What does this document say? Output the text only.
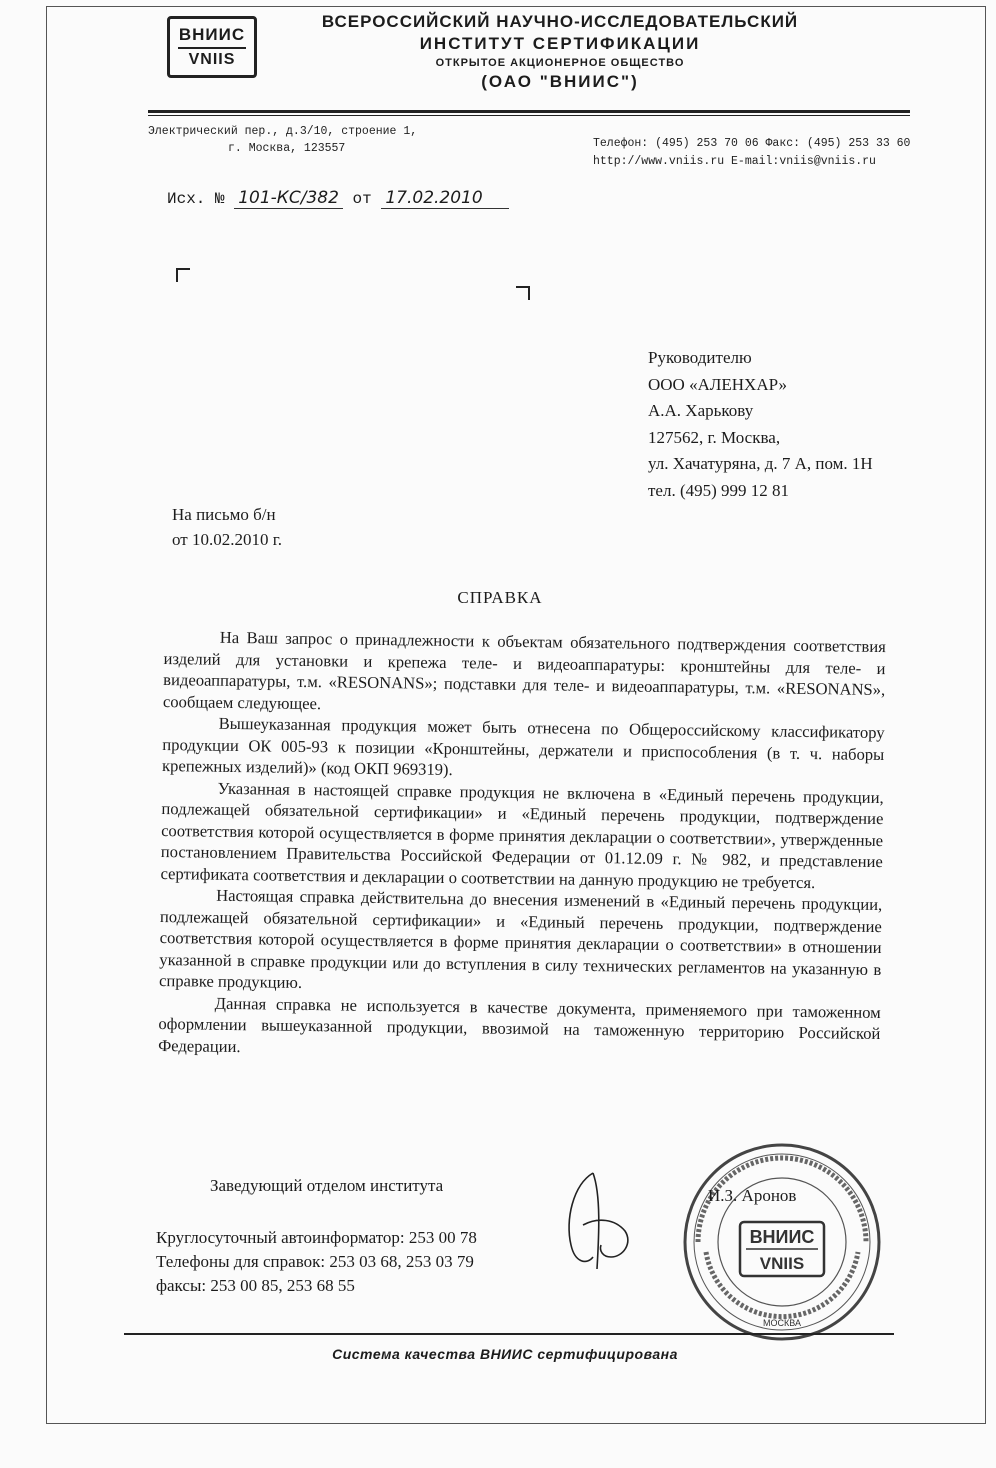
ВНИИС
VNIIS
ВСЕРОССИЙСКИЙ НАУЧНО-ИССЛЕДОВАТЕЛЬСКИЙ
ИНСТИТУТ СЕРТИФИКАЦИИ
ОТКРЫТОЕ АКЦИОНЕРНОЕ ОБЩЕСТВО
(ОАО "ВНИИС")
Электрический пер., д.3/10, строение 1,
г. Москва, 123557	Телефон: (495) 253 70 06 Факс: (495) 253 33 60
http://www.vniis.ru E-mail:vniis@vniis.ru
Исх. № 101-КС/382 от 17.02.2010
Руководителю
ООО «АЛЕНХАР»
А.А. Харькову
127562, г. Москва,
ул. Хачатуряна, д. 7 А, пом. 1Н
тел. (495) 999 12 81
На письмо б/н
от 10.02.2010 г.
СПРАВКА

На Ваш запрос о принадлежности к объектам обязательного подтверждения соответствия изделий для установки и крепежа теле- и видеоаппаратуры: кронштейны для теле- и видеоаппаратуры, т.м. «RESONANS»; подставки для теле- и видеоаппаратуры, т.м. «RESONANS», сообщаем следующее.

Вышеуказанная продукция может быть отнесена по Общероссийскому классификатору продукции ОК 005-93 к позиции «Кронштейны, держатели и приспособления (в т. ч. наборы крепежных изделий)» (код ОКП 969319).

Указанная в настоящей справке продукция не включена в «Единый перечень продукции, подлежащей обязательной сертификации» и «Единый перечень продукции, подтверждение соответствия которой осуществляется в форме принятия декларации о соответствии», утвержденные постановлением Правительства Российской Федерации от 01.12.09 г. № 982, и представление сертификата соответствия и декларации о соответствии на данную продукцию не требуется.

Настоящая справка действительна до внесения изменений в «Единый перечень продукции, подлежащей обязательной сертификации» и «Единый перечень продукции, подтверждение соответствия которой осуществляется в форме принятия декларации о соответствии» в отношении указанной в справке продукции или до вступления в силу технических регламентов на указанную в справке продукцию.

Данная справка не используется в качестве документа, применяемого при таможенном оформлении вышеуказанной продукции, ввозимой на таможенную территорию Российской Федерации.

Заведующий отделом института
ВНИИС
VNIIS
МОСКВА
И.З. Аронов
Круглосуточный автоинформатор: 253 00 78
Телефоны для справок: 253 03 68, 253 03 79
факсы: 253 00 85, 253 68 55
Система качества ВНИИС сертифицирована
